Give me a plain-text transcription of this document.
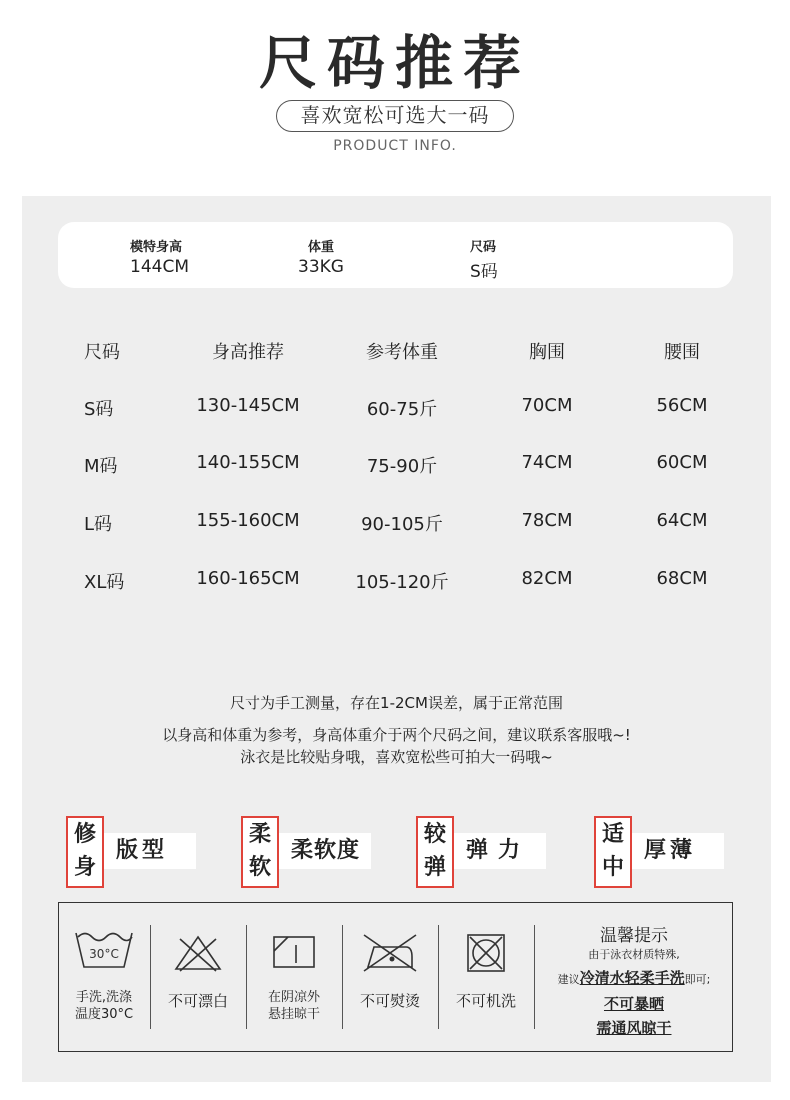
尺码推荐
喜欢宽松可选大一码
PRODUCT INFO.
模特身高
144CM
体重
33KG
尺码
S码
尺码	身高推荐	参考体重	胸围	腰围
S码	130-145CM	60-75斤	70CM	56CM
M码	140-155CM	75-90斤	74CM	60CM
L码	155-160CM	90-105斤	78CM	64CM
XL码	160-165CM	105-120斤	82CM	68CM

尺寸为手工测量，存在1-2CM误差，属于正常范围

以身高和体重为参考，身高体重介于两个尺码之间，建议联系客服哦~!

泳衣是比较贴身哦，喜欢宽松些可拍大一码哦~

修
身
版型
柔
软
柔软度
较
弹
弹力
适
中
厚薄
30°C
手洗,洗涤
温度30°C
不可漂白	在阴凉外
悬挂晾干
不可熨烫	不可机洗
温馨提示
由于泳衣材质特殊,
建议冷清水轻柔手洗即可;
不可暴晒
需通风晾干
